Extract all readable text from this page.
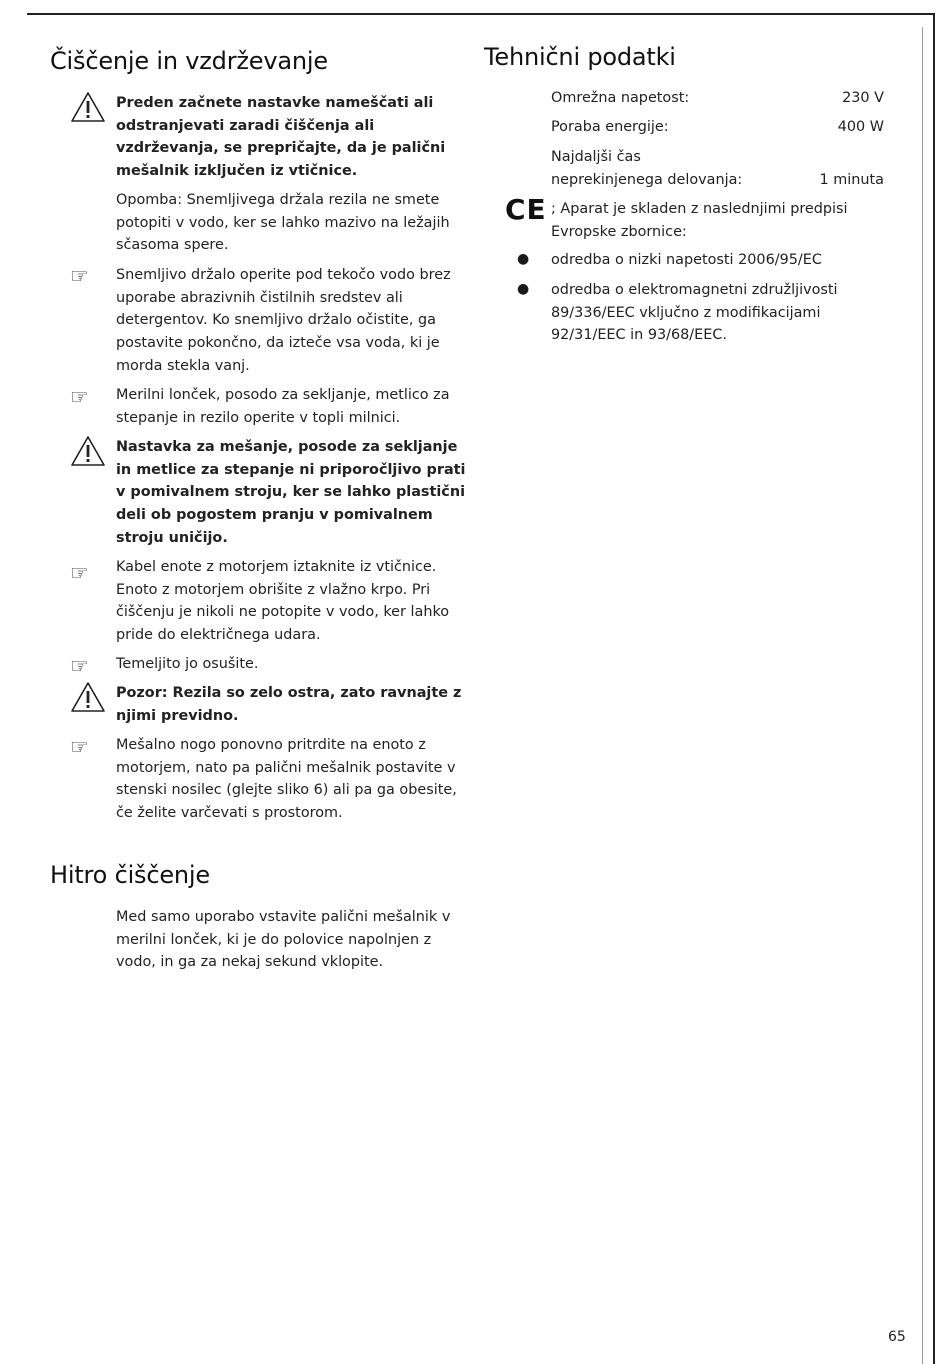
Čiščenje in vzdrževanje

Preden začnete nastavke nameščati ali odstranjevati zaradi čiščenja ali vzdrževanja, se prepričajte, da je palični mešalnik izključen iz vtičnice.

Opomba: Snemljivega držala rezila ne smete potopiti v vodo, ker se lahko mazivo na ležajih sčasoma spere.

☞ Snemljivo držalo operite pod tekočo vodo brez uporabe abrazivnih čistilnih sredstev ali detergentov. Ko snemljivo držalo očistite, ga postavite pokončno, da izteče vsa voda, ki je morda stekla vanj.

☞ Merilni lonček, posodo za sekljanje, metlico za stepanje in rezilo operite v topli milnici.

Nastavka za mešanje, posode za sekljanje in metlice za stepanje ni priporočljivo prati v pomivalnem stroju, ker se lahko plastični deli ob pogostem pranju v pomivalnem stroju uničijo.

☞ Kabel enote z motorjem iztaknite iz vtičnice. Enoto z motorjem obrišite z vlažno krpo. Pri čiščenju je nikoli ne potopite v vodo, ker lahko pride do električnega udara.

☞ Temeljito jo osušite.

Pozor: Rezila so zelo ostra, zato ravnajte z njimi previdno.

☞ Mešalno nogo ponovno pritrdite na enoto z motorjem, nato pa palični mešalnik postavite v stenski nosilec (glejte sliko 6) ali pa ga obesite, če želite varčevati s prostorom.

Hitro čiščenje

Med samo uporabo vstavite palični mešalnik v merilni lonček, ki je do polovice napolnjen z vodo, in ga za nekaj sekund vklopite.

Tehnični podatki
Omrežna napetost:	230 V
Poraba energije:	400 W
Najdaljši čas
neprekinjenega delovanja:	1 minuta
CE ; Aparat je skladen z naslednjimi predpisi Evropske zbornice:

● odredba o nizki napetosti 2006/95/EC

● odredba o elektromagnetni združljivosti 89/336/EEC vključno z modifikacijami 92/31/EEC in 93/68/EEC.

65
